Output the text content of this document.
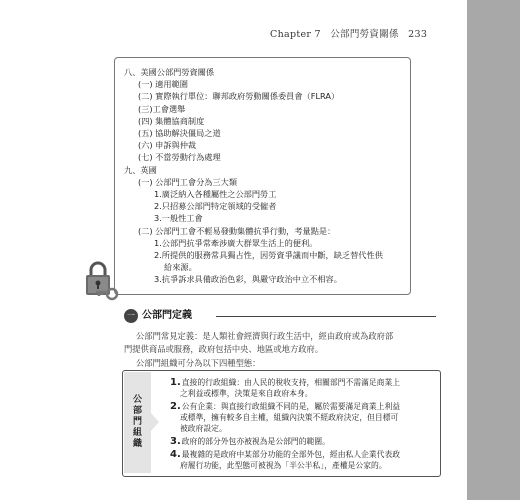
Chapter 7 公部門勞資關係 233
八、美國公部門勞資關係
(一) 適用範圍
(二) 實際執行單位：聯邦政府勞動關係委員會（FLRA）
(三)工會選舉
(四) 集體協商制度
(五) 協助解決僵局之道
(六) 申訴與仲裁
(七) 不當勞動行為處理
九、英國
(一) 公部門工會分為三大類
1.廣泛納入各種屬性之公部門勞工
2.只招募公部門特定領域的受僱者
3.一般性工會
(二) 公部門工會不輕易發動集體抗爭行動，考量點是：
1.公部門抗爭常牽涉廣大群眾生活上的便利。
2.所提供的服務常具獨占性，因勞資爭議而中斷，缺乏替代性供
給來源。
3.抗爭訴求具備政治色彩，與嚴守政治中立不相容。
一 公部門定義
公部門常見定義：是人類社會經濟與行政生活中，經由政府或為政府部
門提供商品或服務，政府包括中央、地區或地方政府。
公部門組織可分為以下四種型態：
公
部
門
組
織
1.直接的行政組織：由人民的稅收支持，相關部門不需滿足商業上
之利益或標準，決策是來自政府本身。
2.公有企業：與直接行政組織不同的是，屬於需要滿足商業上利益
或標準，擁有較多自主權，組織內決策不經政府決定，但目標可
被政府設定。
3.政府的部分外包亦被視為是公部門的範圍。
4.最複雜的是政府中某部分功能的全部外包，經由私人企業代表政
府履行功能，此型態可被視為「半公半私」，產權是公家的。
